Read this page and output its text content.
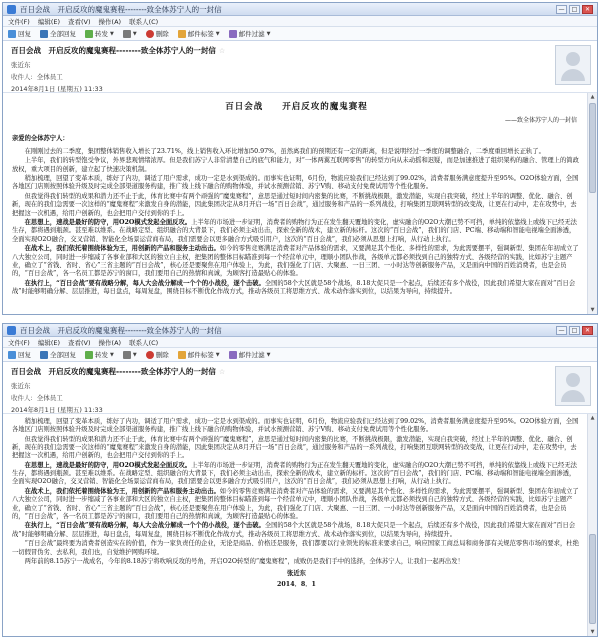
百日会战　开启反攻的魔鬼赛程--------致全体苏宁人的一封信	—	□	✕
文件(F) 编辑(E) 查看(V) 操作(A) 联系人(C)
回复	全部回复	转发 ▼	▼	删除	邮件标签 ▼	邮件过滤 ▼
百日会战　开启反攻的魔鬼赛程--------致全体苏宁人的一封信 ☆
张近东
收件人: 全体员工
2014年8月1日 (星期五) 11:33
百日会战　　开启反攻的魔鬼赛程
——致全体苏宁人的一封信
亲爱的全体苏宁人：

在刚刚过去的二季度，集团整体销售收入增长了23.71%，线上销售收入环比增加50.97%，虽然离我们的预期还有一定的距离，但是说明经过一季度的调整融合，二季度重回增长正轨了。

上半年，我们的转型饱受争议，外界悲观情绪浓厚。但是我们苏宁人非常清楚自己的底气和能力，对“一体两翼互联网零售”的转型方向从未动摇和迟疑，而是加速推进了组织架构的融合、管理上的简政放权，重大项目的创新，建立起了快速决策机制。

稍加梳理，回望了变革本质，练好了内功，调适了用户需求，成功一定是水到渠成的。而事实也证明，6月份，物流应验我们已经达到了99.02%，消费者服务满意度提升至95%。O2O体验方面，全国各地区门店则按照体验升级及时完成全部渠道服务构建，推广线上线下融合的购物体验，并试水预测营销、苏宁V购、移动支付免费试用等个性化服务。

但我觉得我们转型的成果和潜力还不止于此，体育比赛中有两个顽强的“魔鬼赛程”，意思是通过短时间内密集的比赛，不断挑战极限，激发潜能，实现自我突破，经过上半年的调整、优化、融合、创新，现在的我们急需要一次这样的“魔鬼赛程”来激发自身的潜能，因此集团决定从8月开启一场“百日会战”，通过服务和产品的一系列战役，打响集团互联网转型的改变战，让更在行动中，走在攻势中，去把握这一次机遇，给用户创新的，也会把用户交付到你的手上。

在思想上，速战是最好的防守，用O2O模式发起全面反攻。上半年的市场进一步证明，消费者的购物行为正在发生翻天覆地的变化，虚实融合的O2O大潮已势不可挡，单纯的依靠线上或线下已经无法生存，都将遇到瓶颈。甚至难以维系。在战略定型、组织融合的大背景下，我们必须主动出击，探索全新的战术，建立新的标杆。这次的“百日会战”，我们的门店、PC端、移动端和智能电视端全面渗透，全面实现O2O融合，交叉营销、智能化全场景运营商布局，我们需要会以更多融合方式吸引用户，这次的“百日会战”，我们必须从思想上打响，从行动上执行。

在战术上，我们依托着围绕体验为王，用创新的产品和服务主动出击。如今的零售竞赛满足消费者对产品体验的需求，又要满足其个性化、多样性的需求，为此需要摆平，强调新型、集团在年初成立了八大独立公司，同时进一步缩减了各事业部和大区的独立自主权，把集团的整体目标瞄准到每一个经营单元中，理顺小团队作战，各级单元都必须找到自己的独特方式、各级经营的实践，比如苏宁主题产业，确立了“省钱、省时、省心”三省主题的“百日会战”，核心还是要聚焦在用户体验上，为此，我们强化了门店、大聚惠、一日三团、一小时达等创新服务产品，又是面向中国的百姓消费者，也是会员的，“百日会战”，各一名员工都是苏宁的窗口，我们要用自己的热情和真诚，为顾客打造最贴心的体验。

在执行上，“百日会战”要有战略分解，每人大会战分解成一个个的小战役，逐个击破。全国的58个大区就是58个战场，8.18大促只是一个起点，后续还有多个战役，因此我们希望大家在面对“百日会战”时能够明确分解、层层推进，每日盘点，每周复盘，围绕目标不断优化作战方式，推动各级员工将思维方式、战术动作落实到位，以结果为导向，持续提升。

▲
▼
百日会战　开启反攻的魔鬼赛程--------致全体苏宁人的一封信	—	□	✕
文件(F) 编辑(E) 查看(V) 操作(A) 联系人(C)
回复	全部回复	转发 ▼	▼	删除	邮件标签 ▼	邮件过滤 ▼
百日会战　开启反攻的魔鬼赛程--------致全体苏宁人的一封信 ☆
张近东
收件人: 全体员工
2014年8月1日 (星期五) 11:33

稍加梳理，回望了变革本质，练好了内功，调适了用户需求，成功一定是水到渠成的。而事实也证明，6月份，物流应验我们已经达到了99.02%，消费者服务满意度提升至95%。O2O体验方面，全国各地区门店则按照体验升级及时完成全部渠道服务构建，推广线上线下融合的购物体验，并试水预测营销、苏宁V购、移动支付免费试用等个性化服务。

但我觉得我们转型的成果和潜力还不止于此，体育比赛中有两个顽强的“魔鬼赛程”，意思是通过短时间内密集的比赛，不断挑战极限，激发潜能，实现自我突破，经过上半年的调整、优化、融合、创新，现在的我们急需要一次这样的“魔鬼赛程”来激发自身的潜能，因此集团决定从8月开启一场“百日会战”，通过服务和产品的一系列战役，打响集团互联网转型的改变战，让更在行动中，走在攻势中，去把握这一次机遇，给用户创新的，也会把用户交付到你的手上。

在思想上，速战是最好的防守，用O2O模式发起全面反攻。上半年的市场进一步证明，消费者的购物行为正在发生翻天覆地的变化，虚实融合的O2O大潮已势不可挡，单纯的依靠线上或线下已经无法生存，都将遇到瓶颈。甚至难以维系。在战略定型、组织融合的大背景下，我们必须主动出击，探索全新的战术，建立新的标杆。这次的“百日会战”，我们的门店、PC端、移动端和智能电视端全面渗透，全面实现O2O融合，交叉营销、智能化全场景运营商布局，我们需要会以更多融合方式吸引用户，这次的“百日会战”，我们必须从思想上打响，从行动上执行。

在战术上，我们依托着围绕体验为王，用创新的产品和服务主动出击。如今的零售竞赛满足消费者对产品体验的需求，又要满足其个性化、多样性的需求，为此需要摆平，强调新型、集团在年初成立了八大独立公司，同时进一步缩减了各事业部和大区的独立自主权，把集团的整体目标瞄准到每一个经营单元中，理顺小团队作战，各级单元都必须找到自己的独特方式、各级经营的实践，比如苏宁主题产业，确立了“省钱、省时、省心”三省主题的“百日会战”，核心还是要聚焦在用户体验上，为此，我们强化了门店、大聚惠、一日三团、一小时达等创新服务产品，又是面向中国的百姓消费者，也是会员的，“百日会战”，各一名员工都是苏宁的窗口，我们要用自己的热情和真诚，为顾客打造最贴心的体验。

在执行上，“百日会战”要有战略分解，每人大会战分解成一个个的小战役，逐个击破。全国的58个大区就是58个战场，8.18大促只是一个起点，后续还有多个战役，因此我们希望大家在面对“百日会战”时能够明确分解、层层推进，每日盘点，每周复盘，围绕目标不断优化作战方式，推动各级员工将思维方式、战术动作落实到位，以结果为导向，持续提升。

“百日会战”最终要为消费者创造实在的价值，作为一家负责任的企业，无论是商品、价格还是服务，我们都要以行业领先的标准来要求自己，响应国家工商总局和商务部有关规范零售市场的要求，杜绝一切假冒伪劣、去私利，我们也，自觉维护网购环境。

两年前的8.15苏宁一战成名，今年的8.18苏宁将吹响反攻的号角，开启O2O转型的“魔鬼赛程”，成败仍是我们手中的选择，全体苏宁人，让我们一起再出发！

张近东
2014．8．1
▲
▼
